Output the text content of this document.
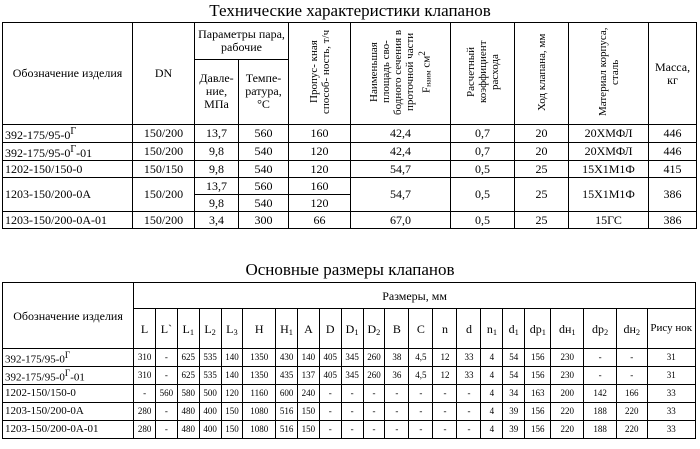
Технические характеристики клапанов
Обозначение изделия	DN	Параметры пара, рабочие		Пропус- кная способ- ность, т/ч	Наименьшая площадь сво- бодного сечения в проточной части $F_{наим}$ $см^2$	Расчетный коэффициент расхода	Ход клапана, мм	Материал корпуса, сталь	Масса, кг
		Давле- ние, МПа	Темпе- ратура, °С						
$392-175/95-0^Г$	150/200	13,7	560	160	42,4	0,7	20	20ХМФЛ	446
$392-175/95-0^Г-01$	150/200	9,8	540	120	42,4	0,7	20	20ХМФЛ	446
1202-150/150-0	150/150	9,8	540	120	54,7	0,5	25	15Х1М1Ф	415
1203-150/200-0А	150/200	13,7	560	160	54,7	0,5	25	15Х1М1Ф	386
		9,8	540	120					
1203-150/200-0А-01	150/200	3,4	300	66	67,0	0,5	25	15ГС	386
Основные размеры клапанов
Обозначение изделия	Размеры, мм																					
	L	L`	$L_1$	$L_2$	$L_3$	H	$H_1$	A	D	$D_1$	$D_2$	B	C	n	d	$n_1$	$d_1$	$dp_1$	$dн_1$	$dp_2$	$dн_2$	Рису нок
$392-175/95-0^Г$	310	-	625	535	140	1350	430	140	405	345	260	38	4,5	12	33	4	54	156	230	-	-	31
$392-175/95-0^Г-01$	310	-	625	535	140	1350	435	137	405	345	260	36	4,5	12	33	4	54	156	230	-	-	31
1202-150/150-0	-	560	580	500	120	1160	600	240	-	-	-	-	-	-	-	4	34	163	200	142	166	33
1203-150/200-0А	280	-	480	400	150	1080	516	150	-	-	-	-	-	-	-	4	39	156	220	188	220	33
1203-150/200-0А-01	280	-	480	400	150	1080	516	150	-	-	-	-	-	-	-	4	39	156	220	188	220	33
